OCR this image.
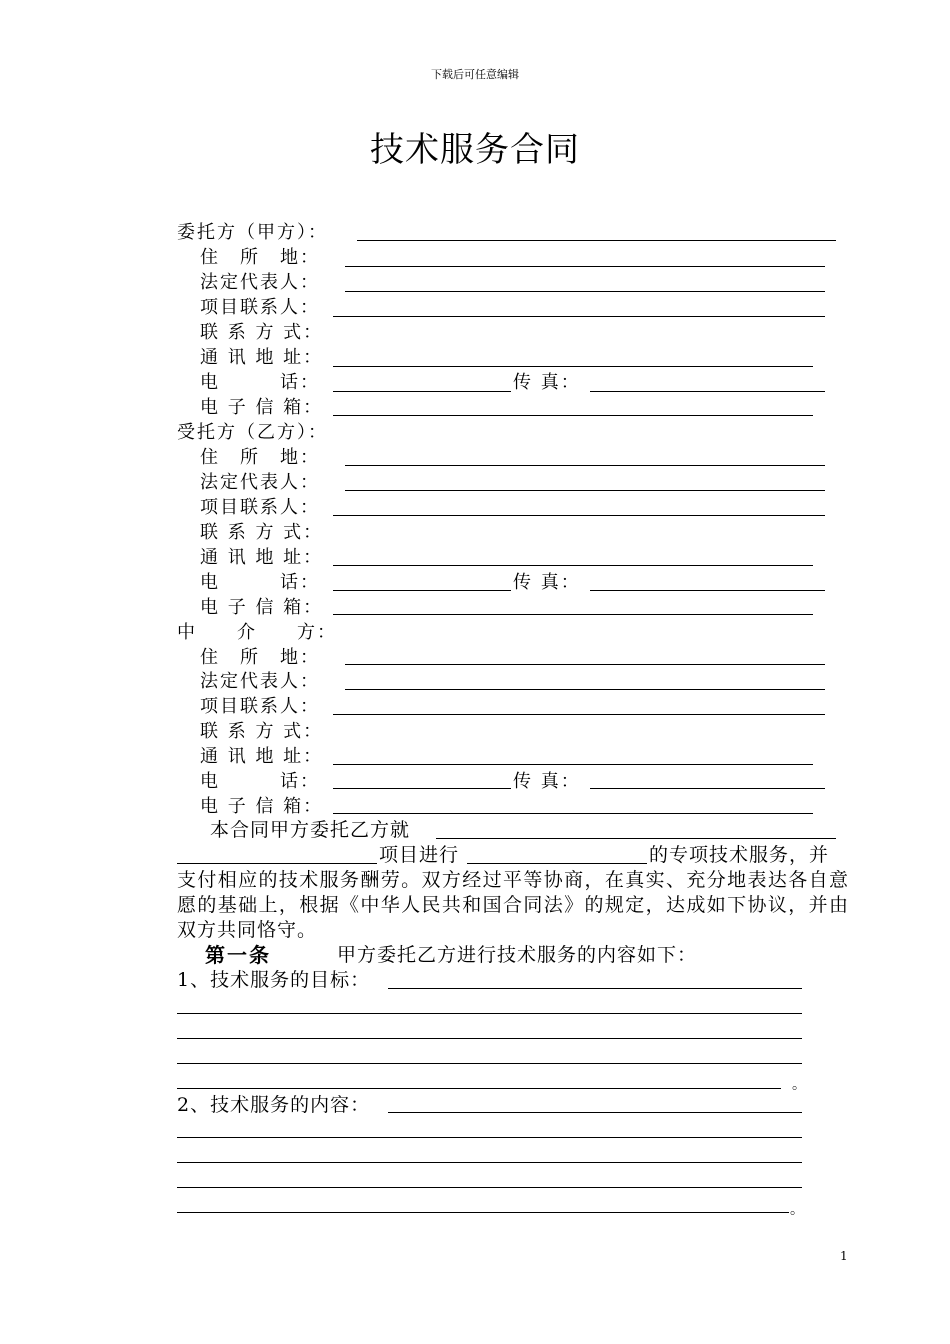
下载后可任意编辑
技术服务合同
委托方（甲方）：
住　所　地：
法定代表人：
项目联系人：
联 系 方 式：
通 讯 地 址：
电　　　话：	传 真：
电 子 信 箱：
受托方（乙方）：
住　所　地：
法定代表人：
项目联系人：
联 系 方 式：
通 讯 地 址：
电　　　话：	传 真：
电 子 信 箱：
中　　介　　方：
住　所　地：
法定代表人：
项目联系人：
联 系 方 式：
通 讯 地 址：
电　　　话：	传 真：
电 子 信 箱：
本合同甲方委托乙方就
项目进行	的专项技术服务，并
支付相应的技术服务酬劳。双方经过平等协商，在真实、充分地表达各自意愿的基础上，根据《中华人民共和国合同法》的规定，达成如下协议，并由双方共同恪守。
第一条	甲方委托乙方进行技术服务的内容如下：
1、技术服务的目标：
。
2、技术服务的内容：
。
1
